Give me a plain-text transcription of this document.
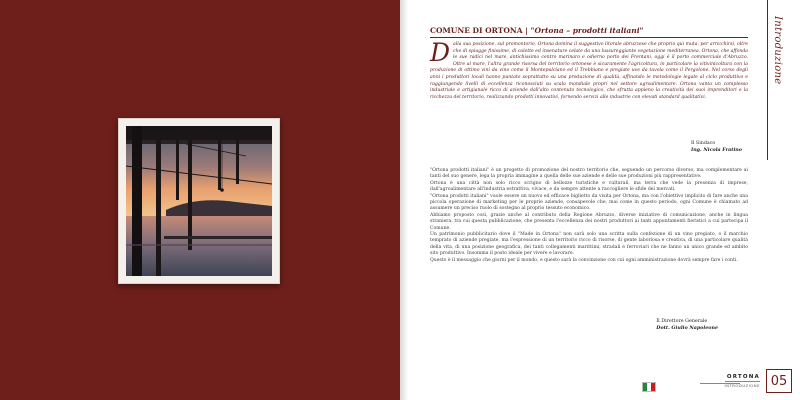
Introduzione
COMUNE DI ORTONA | "Ortona – prodotti italiani"
D alla sua posizione, sul promontorio, Ortona domina il suggestivo litorale abruzzese che proprio qui muta, per arricchirsi, oltre che di spiagge finissime, di calette ed insenature celate da una lussureggiante vegetazione mediterranea. Ortona, che affonda le sue radici nel mare, antichissimo centro marinaro e odierno porto dei Frentani, oggi è il porto commerciale d'Abruzzo. Oltre al mare, l'altra grande risorsa del territorio ortonese è sicuramente l'agricoltura, in particolare la vitivinicoltura con la produzione di ottimo vini da vino come il Montepulciano ed il Trebbiano e pregiate uve da tavola come il Pergolone. Nel corso degli anni i produttori locali hanno puntato soprattutto su una produzione di qualità, affinando le metodologie legate al ciclo produttivo e raggiungendo livelli di eccellenza riconosciuti su scala mondiale propri nel settore agroalimentare. Ortona vanta un complesso industriale e artigianale ricco di aziende dall'alto contenuto tecnologico, che sfrutta appieno la creatività dei suoi imprenditori e la ricchezza del territorio, realizzando prodotti innovativi, fornendo servizi alle industrie con elevati standard qualitativi.

Il Sindaco
Ing. Nicola Fratino

"Ortona prodotti italiani" è un progetto di promozione del nostro territorio che, seguendo un percorso diverso, ma complementare ai tanti del suo genere, lega la propria immagine a quella delle sue aziende e delle sue produzioni più rappresentative.

Ortona è una città non solo ricco scrigno di bellezze turistiche e culturali, ma terra che vede la presenza di imprese, dall'agroalimentare all'industria estrattiva, vivace, e da sempre attente a raccogliere le sfide dei mercati.

"Ortona prodotti italiani" vuole essere un nuovo ed efficace biglietto da visita per Ortona, ma con l'obiettivo implicito di fare anche una piccola operazione di marketing per le proprie aziende, consapevole che, mai come in questo periodo, ogni Comune è chiamato ad assumere un preciso ruolo di sostegno al proprio tessuto economico.

Abbiamo proposto così, grazie anche al contributo della Regione Abruzzo, diverse iniziative di comunicazione, anche in lingua straniera, tra cui questa pubblicazione, che presenta l'eccellenza dei nostri produttori ai tanti appuntamenti fieristici a cui partecipa il Comune.

Un patrimonio pubblicitario dove il "Made in Ortona" non sarà solo una scritta sulla confezione di un vino pregiato, o il marchio temprato di aziende pregiate, ma l'espressione di un territorio ricco di risorse, di gente laboriosa e creativa, di una particolare qualità della vita, di una posizione geografica, dei tanti collegamenti marittimi, stradali e ferroviari che ne fanno un unico grande ed ambito sito produttivo. Insomma il posto ideale per vivere e lavorare.

Questo è il messaggio che giorni per il mondo, e questo sarà la convinzione con cui ogni amministrazione dovrà sempre fare i conti.

Il Direttore Generale
Dott. Giulio Napoleone
ORTONA
INTRODUZIONE 05
